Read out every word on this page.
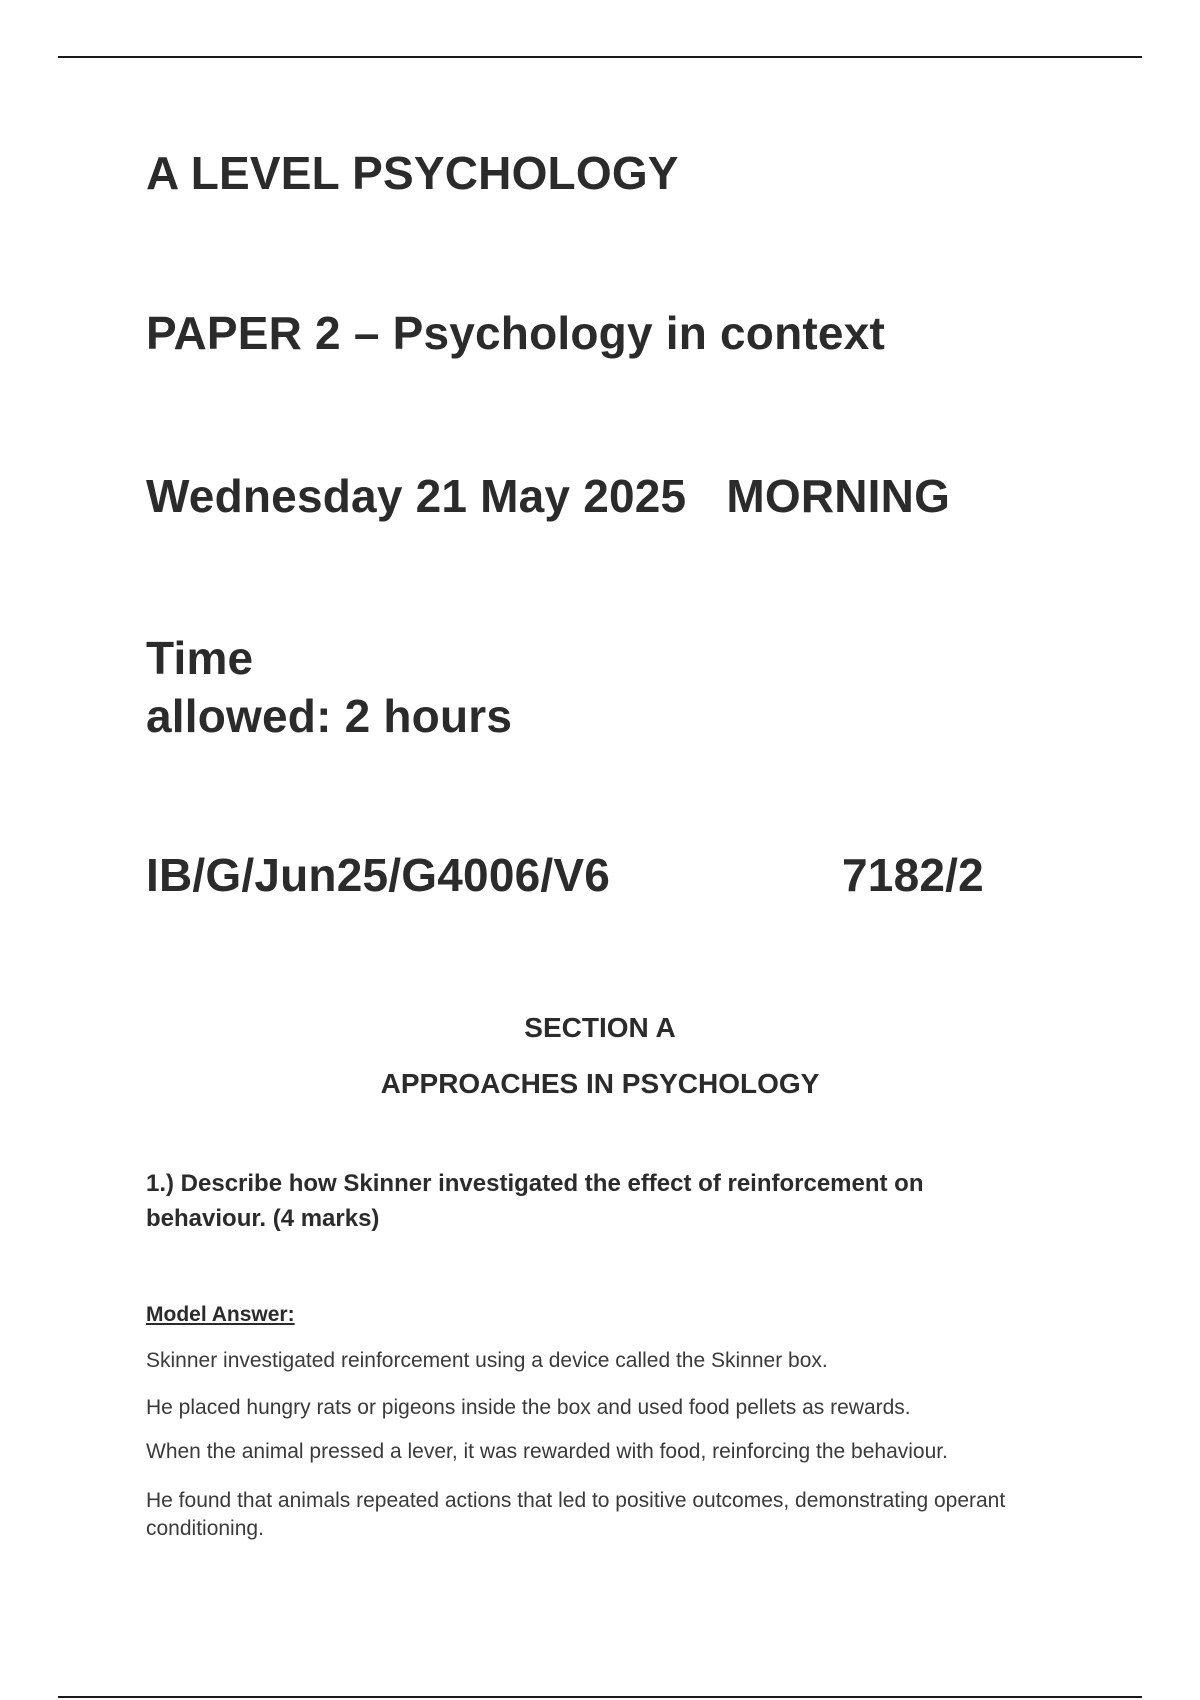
A LEVEL PSYCHOLOGY
PAPER 2 – Psychology in context
Wednesday 21 May 2025 MORNING
Time
allowed: 2 hours
IB/G/Jun25/G4006/V6	7182/2
SECTION A
APPROACHES IN PSYCHOLOGY
1.) Describe how Skinner investigated the effect of reinforcement on behaviour. (4 marks)
Model Answer:
Skinner investigated reinforcement using a device called the Skinner box.
He placed hungry rats or pigeons inside the box and used food pellets as rewards.
When the animal pressed a lever, it was rewarded with food, reinforcing the behaviour.
He found that animals repeated actions that led to positive outcomes, demonstrating operant conditioning.
